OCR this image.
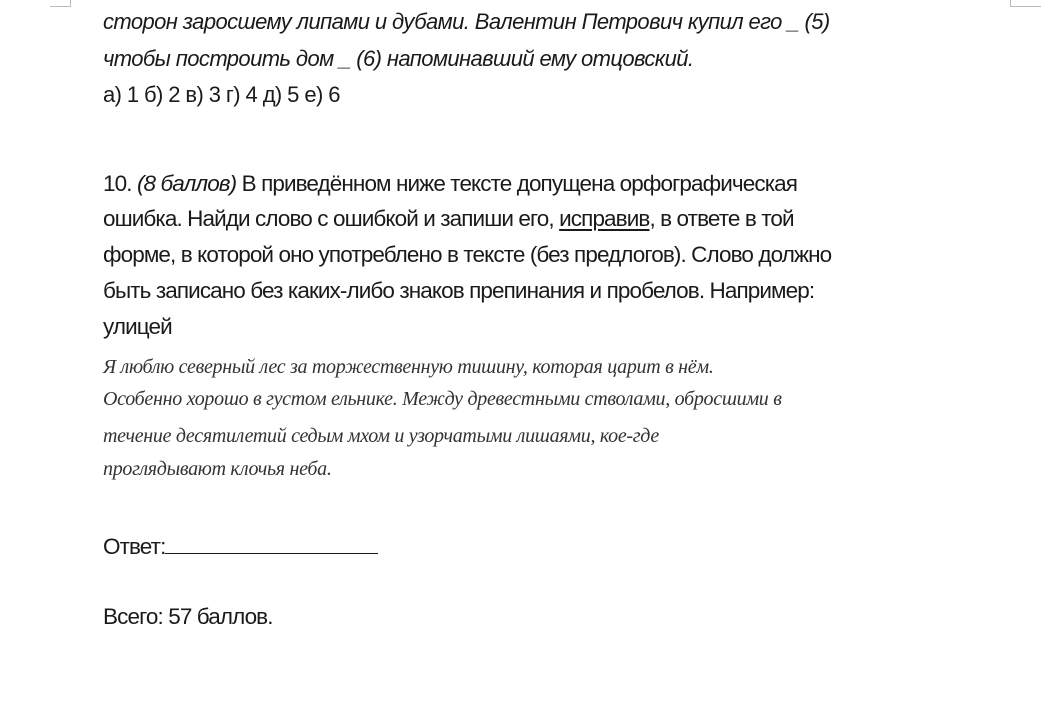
сторон заросшему липами и дубами. Валентин Петрович купил его _ (5)
чтобы построить дом _ (6) напоминавший ему отцовский.
а) 1 б) 2 в) 3 г) 4 д) 5 е) 6
10. (8 баллов) В приведённом ниже тексте допущена орфографическая
ошибка. Найди слово с ошибкой и запиши его, исправив, в ответе в той
форме, в которой оно употреблено в тексте (без предлогов). Слово должно
быть записано без каких-либо знаков препинания и пробелов. Например:
улицей
Я люблю северный лес за торжественную тишину, которая царит в нём.
Особенно хорошо в густом ельнике. Между древестными стволами, обросшими в
течение десятилетий седым мхом и узорчатыми лишаями, кое-где
проглядывают клочья неба.
Ответ:
Всего: 57 баллов.
